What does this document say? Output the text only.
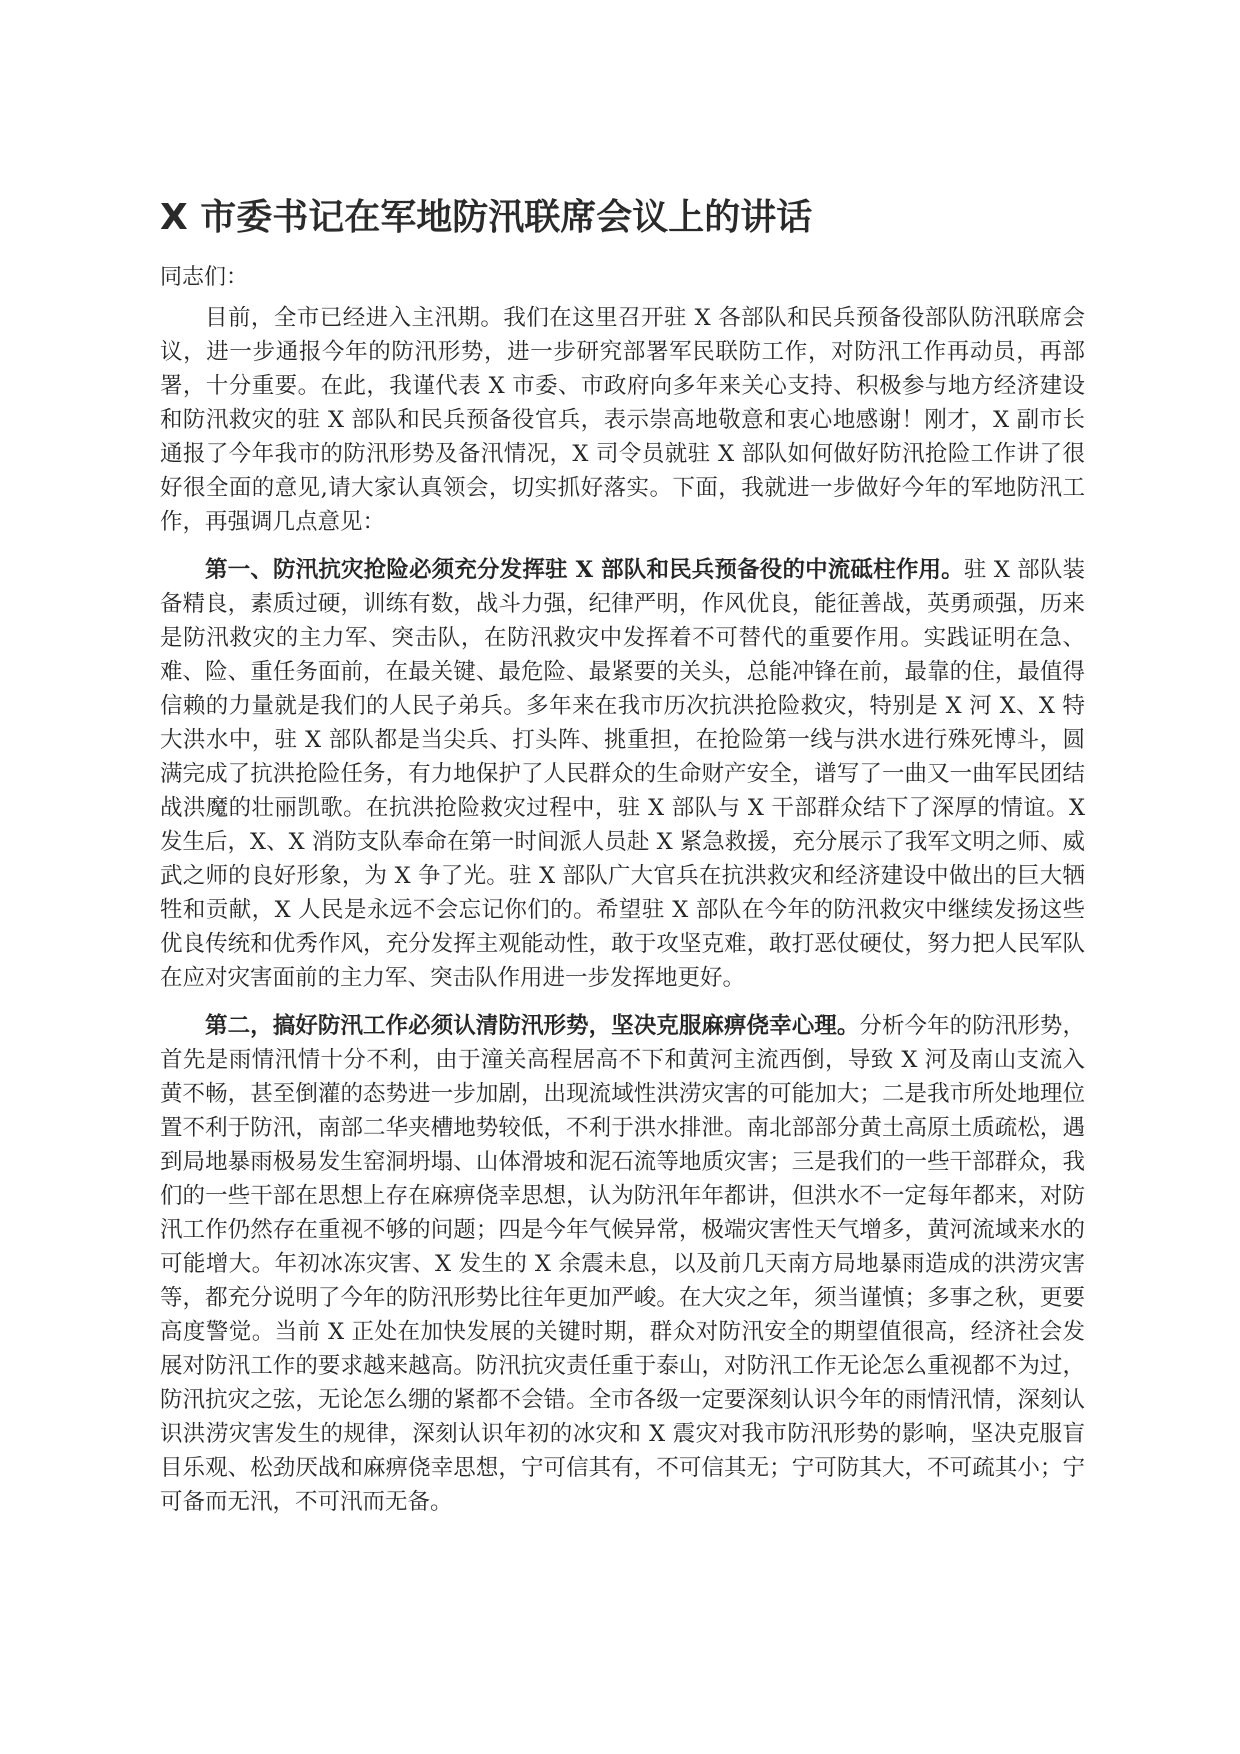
X 市委书记在军地防汛联席会议上的讲话

同志们：

目前，全市已经进入主汛期。我们在这里召开驻 X 各部队和民兵预备役部队防汛联席会议，进一步通报今年的防汛形势，进一步研究部署军民联防工作，对防汛工作再动员，再部署，十分重要。在此，我谨代表 X 市委、市政府向多年来关心支持、积极参与地方经济建设和防汛救灾的驻 X 部队和民兵预备役官兵，表示崇高地敬意和衷心地感谢！刚才，X 副市长通报了今年我市的防汛形势及备汛情况，X 司令员就驻 X 部队如何做好防汛抢险工作讲了很好很全面的意见,请大家认真领会，切实抓好落实。下面，我就进一步做好今年的军地防汛工作，再强调几点意见：

第一、防汛抗灾抢险必须充分发挥驻 X 部队和民兵预备役的中流砥柱作用。驻 X 部队装备精良，素质过硬，训练有数，战斗力强，纪律严明，作风优良，能征善战，英勇顽强，历来是防汛救灾的主力军、突击队，在防汛救灾中发挥着不可替代的重要作用。实践证明在急、难、险、重任务面前，在最关键、最危险、最紧要的关头，总能冲锋在前，最靠的住，最值得信赖的力量就是我们的人民子弟兵。多年来在我市历次抗洪抢险救灾，特别是 X 河 X、X 特大洪水中，驻 X 部队都是当尖兵、打头阵、挑重担，在抢险第一线与洪水进行殊死博斗，圆满完成了抗洪抢险任务，有力地保护了人民群众的生命财产安全，谱写了一曲又一曲军民团结战洪魔的壮丽凯歌。在抗洪抢险救灾过程中，驻 X 部队与 X 干部群众结下了深厚的情谊。X 发生后，X、X 消防支队奉命在第一时间派人员赴 X 紧急救援，充分展示了我军文明之师、威武之师的良好形象，为 X 争了光。驻 X 部队广大官兵在抗洪救灾和经济建设中做出的巨大牺牲和贡献，X 人民是永远不会忘记你们的。希望驻 X 部队在今年的防汛救灾中继续发扬这些优良传统和优秀作风，充分发挥主观能动性，敢于攻坚克难，敢打恶仗硬仗，努力把人民军队在应对灾害面前的主力军、突击队作用进一步发挥地更好。

第二，搞好防汛工作必须认清防汛形势，坚决克服麻痹侥幸心理。分析今年的防汛形势，首先是雨情汛情十分不利，由于潼关高程居高不下和黄河主流西倒，导致 X 河及南山支流入黄不畅，甚至倒灌的态势进一步加剧，出现流域性洪涝灾害的可能加大；二是我市所处地理位置不利于防汛，南部二华夹槽地势较低，不利于洪水排泄。南北部部分黄土高原土质疏松，遇到局地暴雨极易发生窑洞坍塌、山体滑坡和泥石流等地质灾害；三是我们的一些干部群众，我们的一些干部在思想上存在麻痹侥幸思想，认为防汛年年都讲，但洪水不一定每年都来，对防汛工作仍然存在重视不够的问题；四是今年气候异常，极端灾害性天气增多，黄河流域来水的可能增大。年初冰冻灾害、X 发生的 X 余震未息，以及前几天南方局地暴雨造成的洪涝灾害等，都充分说明了今年的防汛形势比往年更加严峻。在大灾之年，须当谨慎；多事之秋，更要高度警觉。当前 X 正处在加快发展的关键时期，群众对防汛安全的期望值很高，经济社会发展对防汛工作的要求越来越高。防汛抗灾责任重于泰山，对防汛工作无论怎么重视都不为过，防汛抗灾之弦，无论怎么绷的紧都不会错。全市各级一定要深刻认识今年的雨情汛情，深刻认识洪涝灾害发生的规律，深刻认识年初的冰灾和 X 震灾对我市防汛形势的影响，坚决克服盲目乐观、松劲厌战和麻痹侥幸思想，宁可信其有，不可信其无；宁可防其大，不可疏其小；宁可备而无汛，不可汛而无备。
